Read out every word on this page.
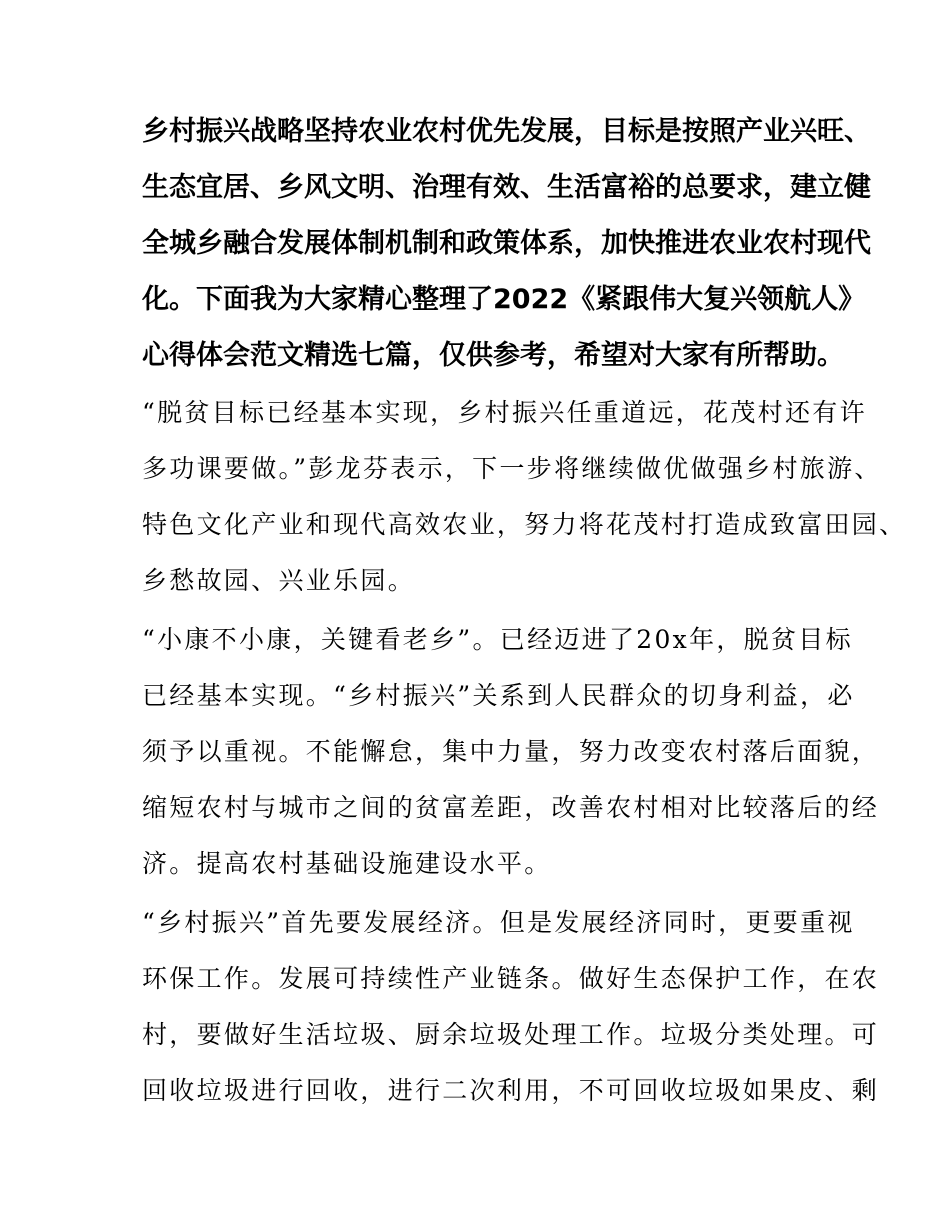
乡村振兴战略坚持农业农村优先发展，目标是按照产业兴旺、
生态宜居、乡风文明、治理有效、生活富裕的总要求，建立健
全城乡融合发展体制机制和政策体系，加快推进农业农村现代
化。下面我为大家精心整理了2022《紧跟伟大复兴领航人》
心得体会范文精选七篇，仅供参考，希望对大家有所帮助。
“脱贫目标已经基本实现，乡村振兴任重道远，花茂村还有许
多功课要做。”彭龙芬表示，下一步将继续做优做强乡村旅游、
特色文化产业和现代高效农业，努力将花茂村打造成致富田园、
乡愁故园、兴业乐园。
“小康不小康，关键看老乡”。已经迈进了20x年，脱贫目标
已经基本实现。“乡村振兴”关系到人民群众的切身利益，必
须予以重视。不能懈怠，集中力量，努力改变农村落后面貌，
缩短农村与城市之间的贫富差距，改善农村相对比较落后的经
济。提高农村基础设施建设水平。
“乡村振兴”首先要发展经济。但是发展经济同时，更要重视
环保工作。发展可持续性产业链条。做好生态保护工作，在农
村，要做好生活垃圾、厨余垃圾处理工作。垃圾分类处理。可
回收垃圾进行回收，进行二次利用，不可回收垃圾如果皮、剩
